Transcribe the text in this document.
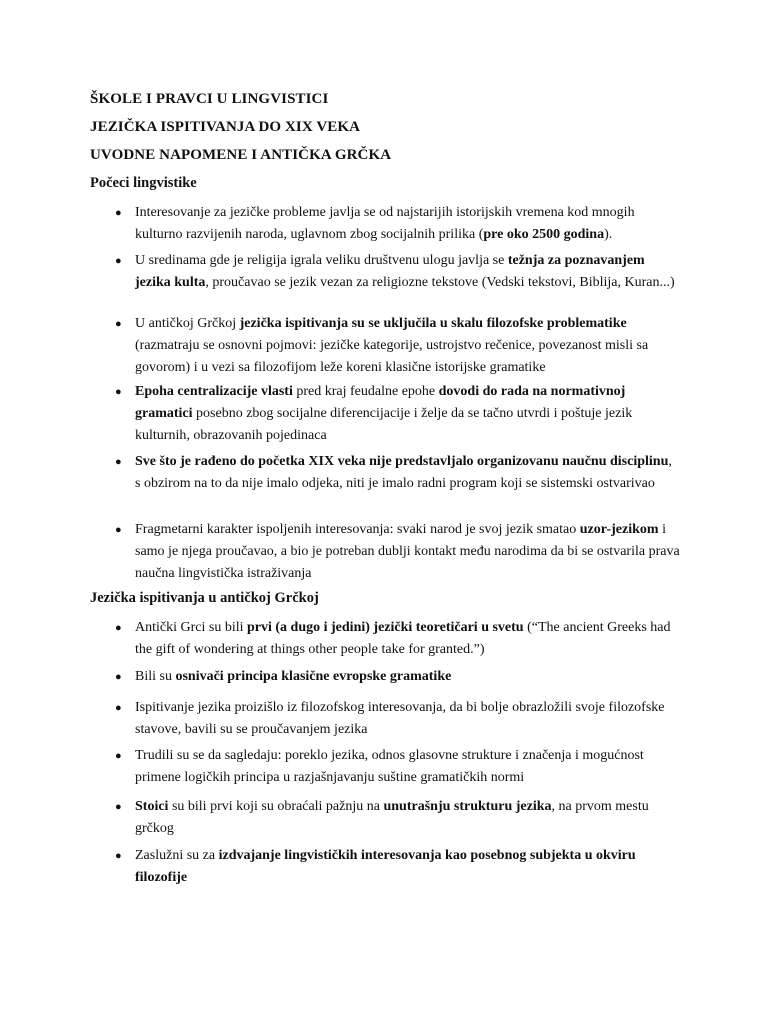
ŠKOLE I PRAVCI U LINGVISTICI

JEZIČKA ISPITIVANJA DO XIX VEKA

UVODNE NAPOMENE I ANTIČKA GRČKA

Počeci lingvistike

● Interesovanje za jezičke probleme javlja se od najstarijih istorijskih vremena kod mnogih kulturno razvijenih naroda, uglavnom zbog socijalnih prilika (pre oko 2500 godina).
● U sredinama gde je religija igrala veliku društvenu ulogu javlja se težnja za poznavanjem jezika kulta, proučavao se jezik vezan za religiozne tekstove (Vedski tekstovi, Biblija, Kuran...)
● U antičkoj Grčkoj jezička ispitivanja su se uključila u skalu filozofske problematike (razmatraju se osnovni pojmovi: jezičke kategorije, ustrojstvo rečenice, povezanost misli sa govorom) i u vezi sa filozofijom leže koreni klasične istorijske gramatike
● Epoha centralizacije vlasti pred kraj feudalne epohe dovodi do rada na normativnoj gramatici posebno zbog socijalne diferencijacije i želje da se tačno utvrdi i poštuje jezik kulturnih, obrazovanih pojedinaca
● Sve što je rađeno do početka XIX veka nije predstavljalo organizovanu naučnu disciplinu, s obzirom na to da nije imalo odjeka, niti je imalo radni program koji se sistemski ostvarivao
● Fragmetarni karakter ispoljenih interesovanja: svaki narod je svoj jezik smatao uzor-jezikom i samo je njega proučavao, a bio je potreban dublji kontakt među narodima da bi se ostvarila prava naučna lingvistička istraživanja

Jezička ispitivanja u antičkoj Grčkoj

● Antički Grci su bili prvi (a dugo i jedini) jezički teoretičari u svetu (“The ancient Greeks had the gift of wondering at things other people take for granted.”)
● Bili su osnivači principa klasične evropske gramatike
● Ispitivanje jezika proizišlo iz filozofskog interesovanja, da bi bolje obrazložili svoje filozofske stavove, bavili su se proučavanjem jezika
● Trudili su se da sagledaju: poreklo jezika, odnos glasovne strukture i značenja i mogućnost primene logičkih principa u razjašnjavanju suštine gramatičkih normi
● Stoici su bili prvi koji su obraćali pažnju na unutrašnju strukturu jezika, na prvom mestu grčkog
● Zaslužni su za izdvajanje lingvističkih interesovanja kao posebnog subjekta u okviru filozofije
